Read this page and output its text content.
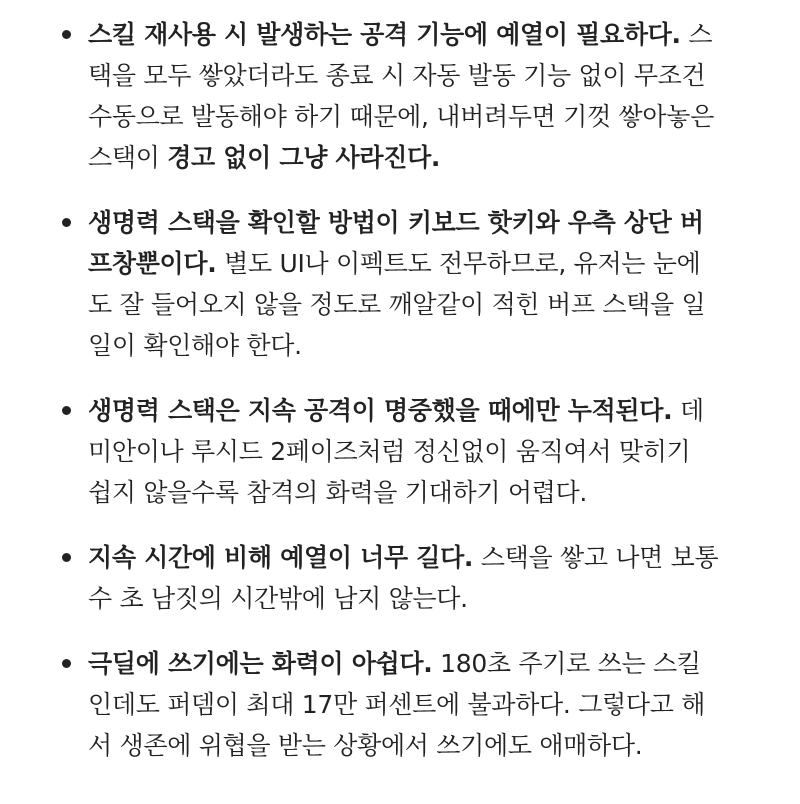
스킬 재사용 시 발생하는 공격 기능에 예열이 필요하다. 스
택을 모두 쌓았더라도 종료 시 자동 발동 기능 없이 무조건
수동으로 발동해야 하기 때문에, 내버려두면 기껏 쌓아놓은
스택이 경고 없이 그냥 사라진다.
생명력 스택을 확인할 방법이 키보드 핫키와 우측 상단 버
프창뿐이다. 별도 UI나 이펙트도 전무하므로, 유저는 눈에
도 잘 들어오지 않을 정도로 깨알같이 적힌 버프 스택을 일
일이 확인해야 한다.
생명력 스택은 지속 공격이 명중했을 때에만 누적된다. 데
미안이나 루시드 2페이즈처럼 정신없이 움직여서 맞히기
쉽지 않을수록 참격의 화력을 기대하기 어렵다.
지속 시간에 비해 예열이 너무 길다. 스택을 쌓고 나면 보통
수 초 남짓의 시간밖에 남지 않는다.
극딜에 쓰기에는 화력이 아쉽다. 180초 주기로 쓰는 스킬
인데도 퍼뎀이 최대 17만 퍼센트에 불과하다. 그렇다고 해
서 생존에 위협을 받는 상황에서 쓰기에도 애매하다.
